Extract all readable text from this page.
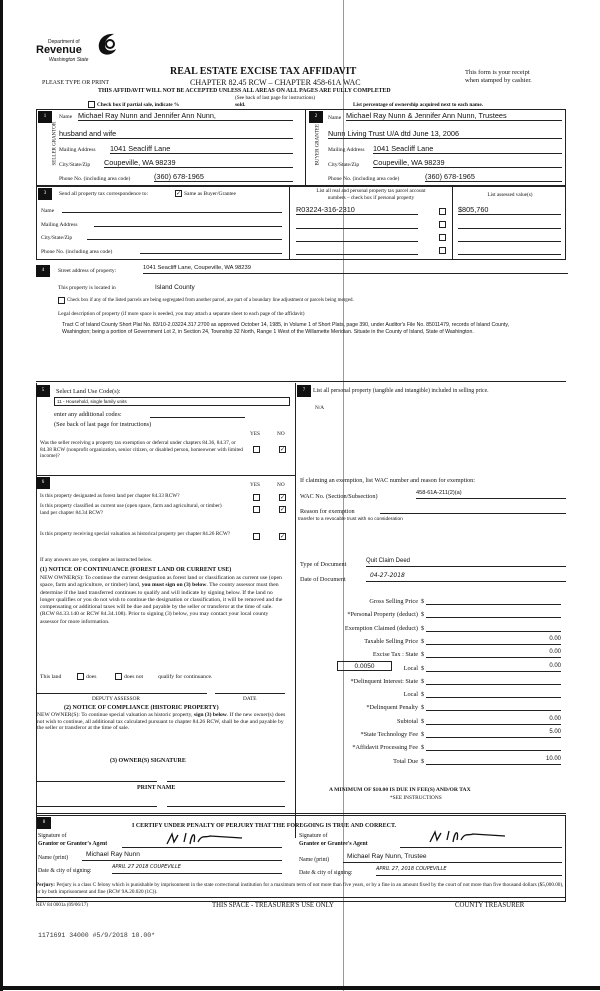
Department of
Revenue
Washington State
REAL ESTATE EXCISE TAX AFFIDAVIT
CHAPTER 82.45 RCW – CHAPTER 458-61A WAC
PLEASE TYPE OR PRINT
This form is your receipt
when stamped by cashier.
THIS AFFIDAVIT WILL NOT BE ACCEPTED UNLESS ALL AREAS ON ALL PAGES ARE FULLY COMPLETED
(See back of last page for instructions)
Check box if partial sale, indicate %	sold.	List percentage of ownership acquired next to each name.
1
SELLER GRANTOR
Name Michael Ray Nunn and Jennifer Ann Nunn,
husband and wife
Mailing Address 1041 Seacliff Lane
City/State/Zip Coupeville, WA 98239
Phone No. (including area code)	(360) 678-1965
2
BUYER GRANTEE
Name Michael Ray Nunn & Jennifer Ann Nunn, Trustees
Nunn Living Trust U/A dtd June 13, 2006
Mailing Address 1041 Seacliff Lane
City/State/Zip Coupeville, WA 98239
Phone No. (including area code)	(360) 678-1965
3	Send all property tax correspondence to:	✓ Same as Buyer/Grantee
Name
Mailing Address
City/State/Zip
Phone No. (including area code)
List all real and personal property tax parcel account
numbers – check box if personal property	List assessed value(s)
R03224-316-2310	$805,760
4	Street address of property:	1041 Seacliff Lane, Coupeville, WA 98239
This property is located in	Island County
Check box if any of the listed parcels are being segregated from another parcel, are part of a boundary line adjustment or parcels being merged.
Legal description of property (if more space is needed, you may attach a separate sheet to each page of the affidavit)

Tract C of Island County Short Plat No. 83/10-2.03224.317.2700 as approved October 14, 1985, in Volume 1 of Short Plats, page 390, under Auditor's File No. 85011479, records of Island County, Washington; being a portion of Government Lot 2, in Section 24, Township 32 North, Range 1 West of the Willamette Meridian. Situate in the County of Island, State of Washington.

5	Select Land Use Code(s):
11 - Household, single family units
enter any additional codes:
(See back of last page for instructions)
YES	NO

Was the seller receiving a property tax exemption or deferral under chapters 84.36, 84.37, or 84.38 RCW (nonprofit organization, senior citizen, or disabled person, homeowner with limited income)?

✓
6	YES	NO

Is this property designated as forest land per chapter 84.33 RCW?	✓

Is this property classified as current use (open space, farm and agricultural, or timber) land per chapter 84.34 RCW?	✓

Is this property receiving special valuation as historical property per chapter 84.26 RCW?	✓
If any answers are yes, complete as instructed below.
(1) NOTICE OF CONTINUANCE (FOREST LAND OR CURRENT USE)

NEW OWNER(S): To continue the current designation as forest land or classification as current use (open space, farm and agriculture, or timber) land, you must sign on (3) below. The county assessor must then determine if the land transferred continues to qualify and will indicate by signing below. If the land no longer qualifies or you do not wish to continue the designation or classification, it will be removed and the compensating or additional taxes will be due and payable by the seller or transferor at the time of sale. (RCW 84.33.140 or RCW 84.34.108). Prior to signing (3) below, you may contact your local county assessor for more information.

This land	does	does not	qualify for continuance.
DEPUTY ASSESSOR	DATE
(2) NOTICE OF COMPLIANCE (HISTORIC PROPERTY)

NEW OWNER(S): To continue special valuation as historic property, sign (3) below. If the new owner(s) does not wish to continue, all additional tax calculated pursuant to chapter 84.26 RCW, shall be due and payable by the seller or transferor at the time of sale.

(3) OWNER(S) SIGNATURE
PRINT NAME
7	List all personal property (tangible and intangible) included in selling price.

N/A
If claiming an exemption, list WAC number and reason for exemption:
WAC No. (Section/Subsection)	458-61A-211(2)(a)
Reason for exemption
transfer to a revocable trust with no consideration
Type of Document	Quit Claim Deed
Date of Document
04-27-2018
Gross Selling Price $
*Personal Property (deduct) $
Exemption Claimed (deduct) $
Taxable Selling Price $	0.00
Excise Tax : State $	0.00
Local $	0.00
*Delinquent Interest: State $
Local $
*Delinquent Penalty $
Subtotal $	0.00
*State Technology Fee $	5.00
*Affidavit Processing Fee $
Total Due $	10.00
0.0050
A MINIMUM OF $10.00 IS DUE IN FEE(S) AND/OR TAX
*SEE INSTRUCTIONS
8
I CERTIFY UNDER PENALTY OF PERJURY THAT THE FOREGOING IS TRUE AND CORRECT.
Signature of
Grantor or Grantor's Agent
Name (print)	Michael Ray Nunn
Date & city of signing:
APRIL 27 2018 COUPEVILLE
Signature of
Grantee or Grantee's Agent
Name (print)	Michael Ray Nunn, Trustee
Date & city of signing:
APRIL 27, 2018 COUPEVILLE

Perjury: Perjury is a class C felony which is punishable by imprisonment in the state correctional institution for a maximum term of not more than five years, or by a fine in an amount fixed by the court of not more than five thousand dollars ($5,000.00), or by both imprisonment and fine (RCW 9A.20.020 (1C)).

REV 84 0001a (09/06/17)	THIS SPACE - TREASURER'S USE ONLY	COUNTY TREASURER
1171691 34000 #5/9/2018 10.00*
